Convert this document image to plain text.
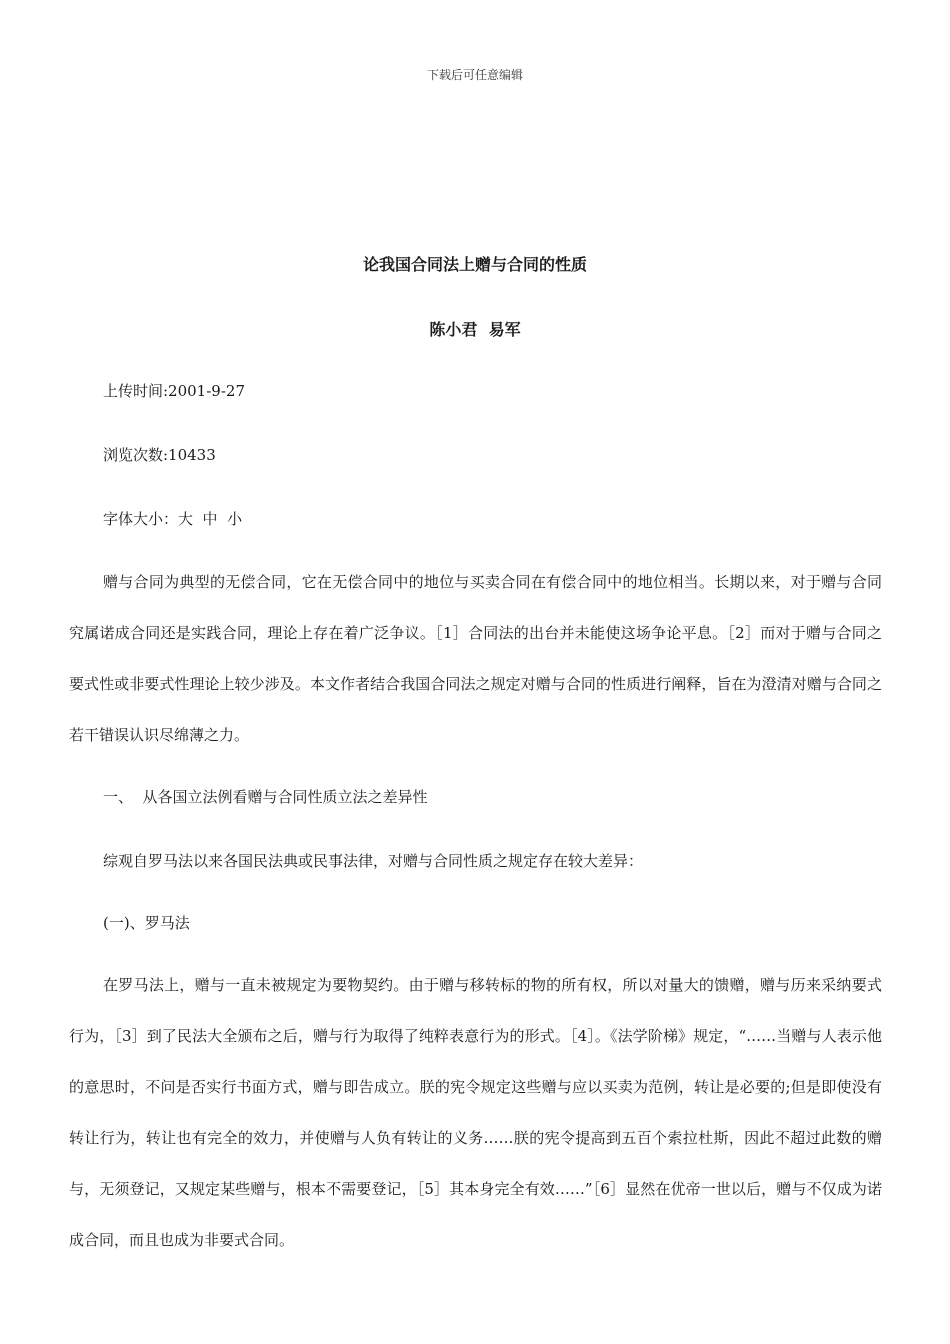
下载后可任意编辑
论我国合同法上赠与合同的性质
陈小君  易军
上传时间:2001-9-27
浏览次数:10433
字体大小：大  中  小

赠与合同为典型的无偿合同，它在无偿合同中的地位与买卖合同在有偿合同中的地位相当。长期以来，对于赠与合同究属诺成合同还是实践合同，理论上存在着广泛争议。［1］合同法的出台并未能使这场争论平息。［2］而对于赠与合同之要式性或非要式性理论上较少涉及。本文作者结合我国合同法之规定对赠与合同的性质进行阐释，旨在为澄清对赠与合同之若干错误认识尽绵薄之力。

一、  从各国立法例看赠与合同性质立法之差异性
综观自罗马法以来各国民法典或民事法律，对赠与合同性质之规定存在较大差异：
(一)、罗马法

在罗马法上，赠与一直未被规定为要物契约。由于赠与移转标的物的所有权，所以对量大的馈赠，赠与历来采纳要式行为，［3］到了民法大全颁布之后，赠与行为取得了纯粹表意行为的形式。［4］。《法学阶梯》规定，“……当赠与人表示他的意思时，不问是否实行书面方式，赠与即告成立。朕的宪令规定这些赠与应以买卖为范例，转让是必要的;但是即使没有转让行为，转让也有完全的效力，并使赠与人负有转让的义务……朕的宪令提高到五百个索拉杜斯，因此不超过此数的赠与，无须登记，又规定某些赠与，根本不需要登记，［5］其本身完全有效……”［6］显然在优帝一世以后，赠与不仅成为诺成合同，而且也成为非要式合同。
